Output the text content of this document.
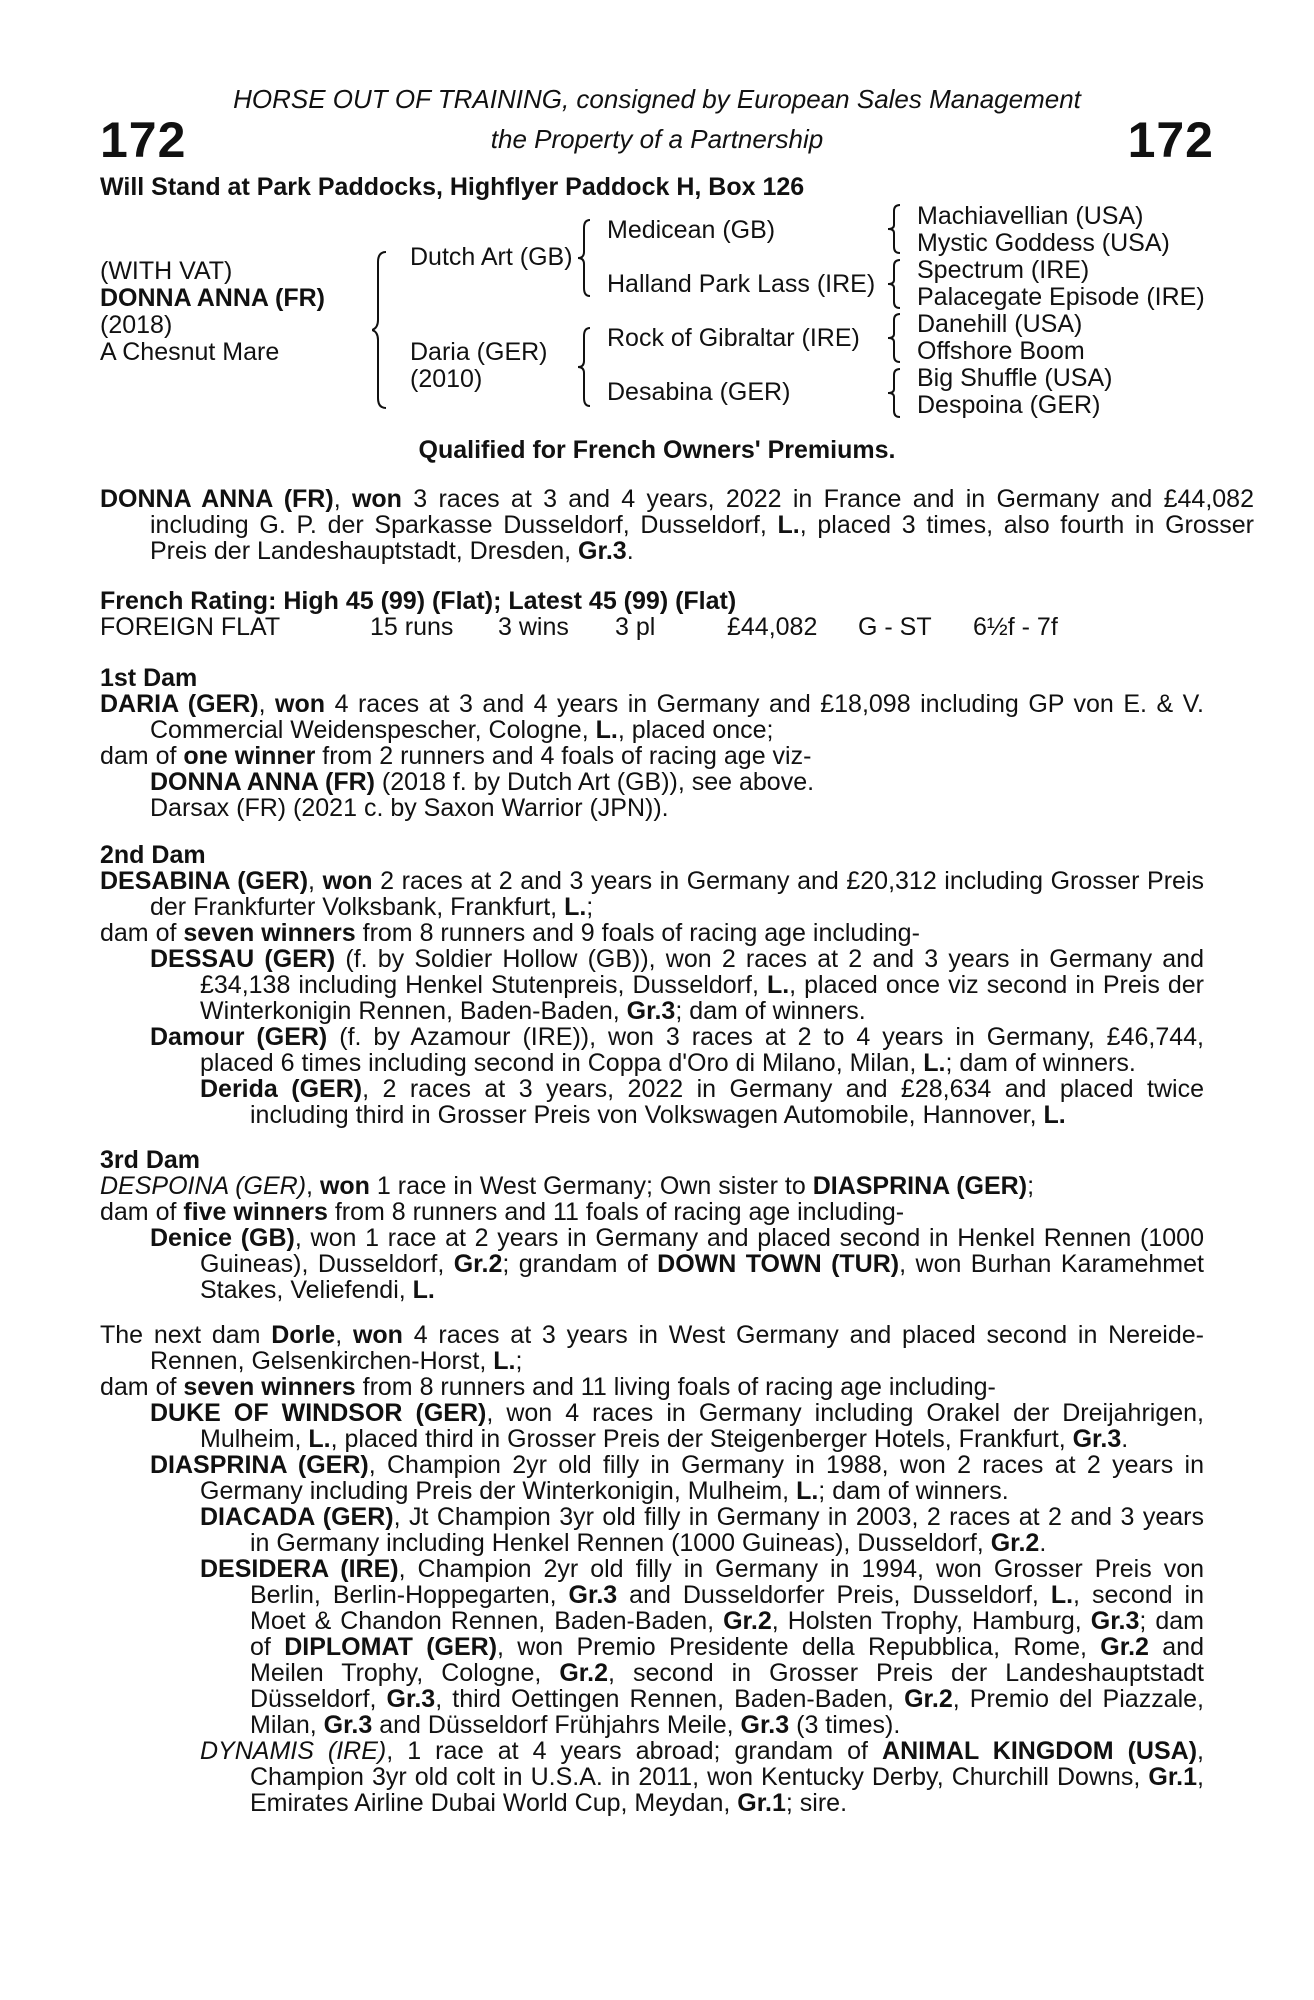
HORSE OUT OF TRAINING, consigned by European Sales Management
the Property of a Partnership
172	172
Will Stand at Park Paddocks, Highflyer Paddock H, Box 126
(WITH VAT)
DONNA ANNA (FR)
(2018)
A Chesnut Mare
Dutch Art (GB)
Daria (GER)
(2010)
Medicean (GB)
Halland Park Lass (IRE)
Rock of Gibraltar (IRE)
Desabina (GER)
Machiavellian (USA)
Mystic Goddess (USA)
Spectrum (IRE)
Palacegate Episode (IRE)
Danehill (USA)
Offshore Boom
Big Shuffle (USA)
Despoina (GER)
Qualified for French Owners' Premiums.
DONNA ANNA (FR), won 3 races at 3 and 4 years, 2022 in France and in Germany and £44,082 including G. P. der Sparkasse Dusseldorf, Dusseldorf, L., placed 3 times, also fourth in Grosser Preis der Landeshauptstadt, Dresden, Gr.3.
French Rating: High 45 (99) (Flat); Latest 45 (99) (Flat)
FOREIGN FLAT	15 runs 3 wins 3 pl	£44,082 G - ST 6½f - 7f
1st Dam
DARIA (GER), won 4 races at 3 and 4 years in Germany and £18,098 including GP von E. & V. Commercial Weidenspescher, Cologne, L., placed once;
dam of one winner from 2 runners and 4 foals of racing age viz-
DONNA ANNA (FR) (2018 f. by Dutch Art (GB)), see above.
Darsax (FR) (2021 c. by Saxon Warrior (JPN)).
2nd Dam
DESABINA (GER), won 2 races at 2 and 3 years in Germany and £20,312 including Grosser Preis der Frankfurter Volksbank, Frankfurt, L.;
dam of seven winners from 8 runners and 9 foals of racing age including-
DESSAU (GER) (f. by Soldier Hollow (GB)), won 2 races at 2 and 3 years in Germany and £34,138 including Henkel Stutenpreis, Dusseldorf, L., placed once viz second in Preis der Winterkonigin Rennen, Baden-Baden, Gr.3; dam of winners.
Damour (GER) (f. by Azamour (IRE)), won 3 races at 2 to 4 years in Germany, £46,744, placed 6 times including second in Coppa d'Oro di Milano, Milan, L.; dam of winners.
Derida (GER), 2 races at 3 years, 2022 in Germany and £28,634 and placed twice including third in Grosser Preis von Volkswagen Automobile, Hannover, L.
3rd Dam
DESPOINA (GER), won 1 race in West Germany; Own sister to DIASPRINA (GER);
dam of five winners from 8 runners and 11 foals of racing age including-
Denice (GB), won 1 race at 2 years in Germany and placed second in Henkel Rennen (1000 Guineas), Dusseldorf, Gr.2; grandam of DOWN TOWN (TUR), won Burhan Karamehmet Stakes, Veliefendi, L.
The next dam Dorle, won 4 races at 3 years in West Germany and placed second in Nereide-Rennen, Gelsenkirchen-Horst, L.;
dam of seven winners from 8 runners and 11 living foals of racing age including-
DUKE OF WINDSOR (GER), won 4 races in Germany including Orakel der Dreijahrigen, Mulheim, L., placed third in Grosser Preis der Steigenberger Hotels, Frankfurt, Gr.3.
DIASPRINA (GER), Champion 2yr old filly in Germany in 1988, won 2 races at 2 years in Germany including Preis der Winterkonigin, Mulheim, L.; dam of winners.
DIACADA (GER), Jt Champion 3yr old filly in Germany in 2003, 2 races at 2 and 3 years in Germany including Henkel Rennen (1000 Guineas), Dusseldorf, Gr.2.
DESIDERA (IRE), Champion 2yr old filly in Germany in 1994, won Grosser Preis von Berlin, Berlin-Hoppegarten, Gr.3 and Dusseldorfer Preis, Dusseldorf, L., second in Moet & Chandon Rennen, Baden-Baden, Gr.2, Holsten Trophy, Hamburg, Gr.3; dam of DIPLOMAT (GER), won Premio Presidente della Repubblica, Rome, Gr.2 and Meilen Trophy, Cologne, Gr.2, second in Grosser Preis der Landeshauptstadt Düsseldorf, Gr.3, third Oettingen Rennen, Baden-Baden, Gr.2, Premio del Piazzale, Milan, Gr.3 and Düsseldorf Frühjahrs Meile, Gr.3 (3 times).
DYNAMIS (IRE), 1 race at 4 years abroad; grandam of ANIMAL KINGDOM (USA), Champion 3yr old colt in U.S.A. in 2011, won Kentucky Derby, Churchill Downs, Gr.1, Emirates Airline Dubai World Cup, Meydan, Gr.1; sire.
